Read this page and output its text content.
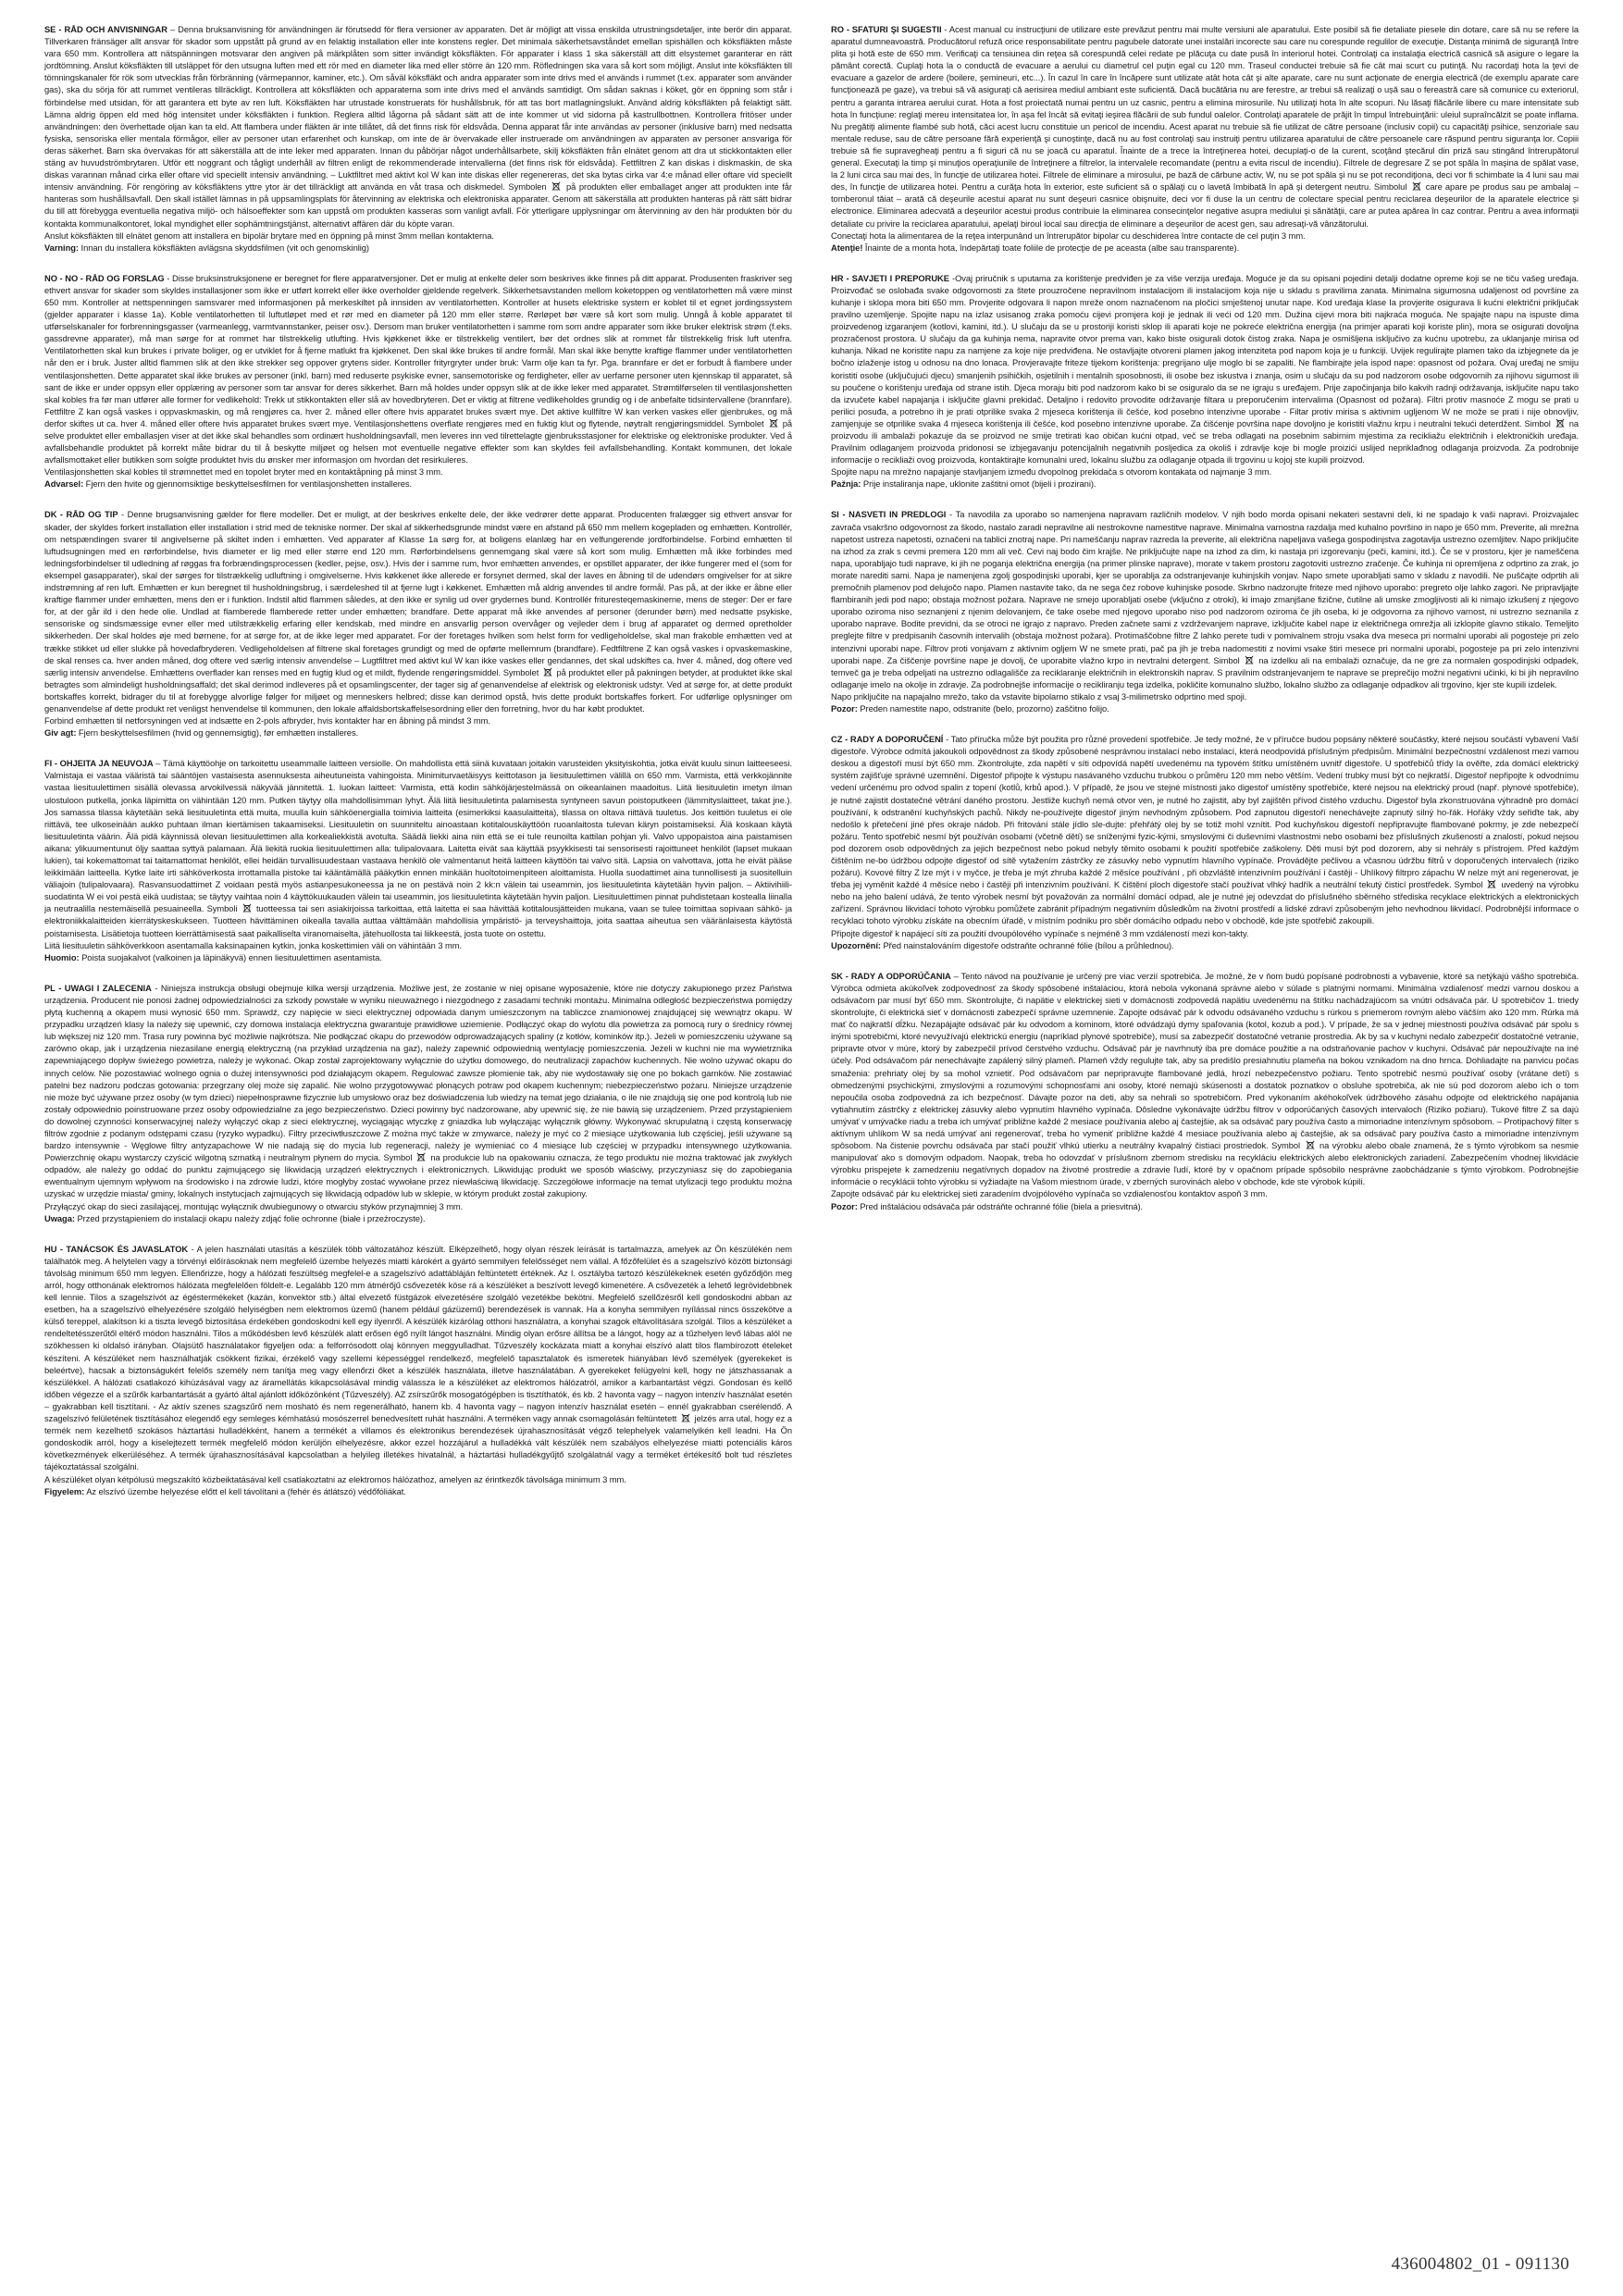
SE - RÅD OCH ANVISNINGAR – Denna bruksanvisning för användningen är förutsedd för flera versioner av apparaten. Det är möjligt att vissa enskilda utrustningsdetaljer, inte berör din apparat. Tillverkaren fränsäger allt ansvar för skador som uppstått på grund av en felaktig installation eller inte konstens regler. Det minimala säkerhetsavståndet emellan spishällen och köksfläkten måste vara 650 mm. Kontrollera att nätspänningen motsvarar den angiven på märkplåten som sitter invändigt köksfläkten. För apparater i klass 1 ska säkerställ att ditt elsystemet garanterar en rätt jordtömning. Anslut köksfläkten till utsläppet för den utsugna luften med ett rör med en diameter lika med eller större än 120 mm. Röfledningen ska vara så kort som möjligt. Anslut inte köksfläkten till tömningskanaler för rök som utvecklas från förbränning (värmepannor, kaminer, etc.). Om såväl köksfläkt och andra apparater som inte drivs med el används i rummet (t.ex. apparater som använder gas), ska du sörja för att rummet ventileras tillräckligt. Kontrollera att köksfläkten och apparaterna som inte drivs med el används samtidigt. Om sådan saknas i köket, gör en öppning som står i förbindelse med utsidan, för att garantera ett byte av ren luft. Köksfläkten har utrustade konstruerats för hushållsbruk, för att tas bort matlagningslukt. Använd aldrig köksfläkten på felaktigt sätt. Lämna aldrig öppen eld med hög intensitet under köksfläkten i funktion. Reglera alltid lågorna på sådant sätt att de inte kommer ut vid sidorna på kastrullbottnen. Kontrollera fritöser under användningen: den överhettade oljan kan ta eld. Att flambera under fläkten är inte tillåtet, då det finns risk för eldsvåda. Denna apparat får inte användas av personer (inklusive barn) med nedsatta fysiska, sensoriska eller mentala förmågor, eller av personer utan erfarenhet och kunskap, om inte de är övervakade eller instruerade om användningen av apparaten av personer ansvariga för deras säkerhet. Barn ska övervakas för att säkerställa att de inte leker med apparaten. Innan du påbörjar något underhållsarbete, skilj köksfläkten från elnätet genom att dra ut stickkontakten eller stäng av huvudströmbrytaren. Utför ett noggrant och tågligt underhåll av filtren enligt de rekommenderade intervallerna (det finns risk för eldsvåda). Fettfiltren Z kan diskas i diskmaskin, de ska diskas varannan månad cirka eller oftare vid speciellt intensiv användning. – Luktfiltret med aktivt kol W kan inte diskas eller regenereras, det ska bytas cirka var 4:e månad eller oftare vid speciellt intensiv användning. För rengöring av köksfläktens yttre ytor är det tillräckligt att använda en våt trasa och diskmedel. Symbolen
på produkten eller emballaget anger att produkten inte får hanteras som hushållsavfall. Den skall istället lämnas in på uppsamlingsplats för återvinning av elektriska och elektroniska apparater. Genom att säkerställa att produkten hanteras på rätt sätt bidrar du till att förebygga eventuella negativa miljö- och hälsoeffekter som kan uppstå om produkten kasseras som vanligt avfall. För ytterligare upplysningar om återvinning av den här produkten bör du kontakta kommunalkontoret, lokal myndighet eller sophämtningstjänst, alternativt affären där du köpte varan.

Anslut köksfläkten till elnätet genom att installera en bipolär brytare med en öppning på minst 3mm mellan kontakterna.

Varning: Innan du installera köksfläkten avlägsna skyddsfilmen (vit och genomskinlig)

NO - NO - RÅD OG FORSLAG - Disse bruksinstruksjonene er beregnet for flere apparatversjoner. Det er mulig at enkelte deler som beskrives ikke finnes på ditt apparat. Produsenten fraskriver seg ethvert ansvar for skader som skyldes installasjoner som ikke er utført korrekt eller ikke overholder gjeldende regelverk. Sikkerhetsavstanden mellom koketoppen og ventilatorhetten må være minst 650 mm. Kontroller at nettspenningen samsvarer med informasjonen på merkeskiltet på innsiden av ventilatorhetten. Kontroller at husets elektriske system er koblet til et egnet jordingssystem (gjelder apparater i klasse 1a). Koble ventilatorhetten til luftutløpet med et rør med en diameter på 120 mm eller større. Rørløpet bør være så kort som mulig. Unngå å koble apparatet til utførselskanaler for forbrenningsgasser (varmeanlegg, varmtvannstanker, peiser osv.). Dersom man bruker ventilatorhetten i samme rom som andre apparater som ikke bruker elektrisk strøm (f.eks. gassdrevne apparater), må man sørge for at rommet har tilstrekkelig utlufting. Hvis kjøkkenet ikke er tilstrekkelig ventilert, bør det ordnes slik at rommet får tilstrekkelig frisk luft utenfra. Ventilatorhetten skal kun brukes i private boliger, og er utviklet for å fjerne matlukt fra kjøkkenet. Den skal ikke brukes til andre formål. Man skal ikke benytte kraftige flammer under ventilatorhetten når den er i bruk. Juster alltid flammen slik at den ikke strekker seg oppover grytens sider. Kontroller frityrgryter under bruk: Varm olje kan ta fyr. Pga. brannfare er det er forbudt å flambere under ventilasjonshetten. Dette apparatet skal ikke brukes av personer (inkl. barn) med reduserte psykiske evner, sansemotoriske og ferdigheter, eller av uerfarne personer uten kjennskap til apparatet, så sant de ikke er under oppsyn eller opplæring av personer som tar ansvar for deres sikkerhet. Barn må holdes under oppsyn slik at de ikke leker med apparatet. Strømtilførselen til ventilasjonshetten skal kobles fra før man utfører alle former for vedlikehold: Trekk ut stikkontakten eller slå av hovedbryteren. Det er viktig at filtrene vedlikeholdes grundig og i de anbefalte tidsintervallene (brannfare). Fettfiltre Z kan også vaskes i oppvaskmaskin, og må rengjøres ca. hver 2. måned eller oftere hvis apparatet brukes svært mye. Det aktive kullfiltre W kan verken vaskes eller gjenbrukes, og må derfor skiftes ut ca. hver 4. måned eller oftere hvis apparatet brukes svært mye. Ventilasjonshettens overflate rengjøres med en fuktig klut og flytende, nøytralt rengjøringsmiddel. Symbolet
på selve produktet eller emballasjen viser at det ikke skal behandles som ordinært husholdningsavfall, men leveres inn ved tilrettelagte gjenbruksstasjoner for elektriske og elektroniske produkter. Ved å avfallsbehandle produktet på korrekt måte bidrar du til å beskytte miljøet og helsen mot eventuelle negative effekter som kan skyldes feil avfallsbehandling. Kontakt kommunen, det lokale avfallsmottaket eller butikken som solgte produktet hvis du ønsker mer informasjon om hvordan det resirkuleres.

Ventilasjonshetten skal kobles til strømnettet med en topolet bryter med en kontaktåpning på minst 3 mm.

Advarsel: Fjern den hvite og gjennomsiktige beskyttelsesfilmen for ventilasjonshetten installeres.

DK - RÅD OG TIP - Denne brugsanvisning gælder for flere modeller. Det er muligt, at der beskrives enkelte dele, der ikke vedrører dette apparat. Producenten fralægger sig ethvert ansvar for skader, der skyldes forkert installation eller installation i strid med de tekniske normer. Der skal af sikkerhedsgrunde mindst være en afstand på 650 mm mellem kogepladen og emhætten. Kontrollér, om netspændingen svarer til angivelserne på skiltet inden i emhætten. Ved apparater af Klasse 1a sørg for, at boligens elanlæg har en velfungerende jordforbindelse. Forbind emhætten til luftudsugningen med en rørforbindelse, hvis diameter er lig med eller større end 120 mm. Rørforbindelsens gennemgang skal være så kort som mulig. Emhætten må ikke forbindes med ledningsforbindelser til udledning af røggas fra forbrændingsprocessen (kedler, pejse, osv.). Hvis der i samme rum, hvor emhætten anvendes, er opstillet apparater, der ikke fungerer med el (som for eksempel gasapparater), skal der sørges for tilstrækkelig udluftning i omgivelserne. Hvis køkkenet ikke allerede er forsynet dermed, skal der laves en åbning til de udendørs omgivelser for at sikre indstrømning af ren luft. Emhætten er kun beregnet til husholdningsbrug, i særdeleshed til at fjerne lugt i køkkenet. Emhætten må aldrig anvendes til andre formål. Pas på, at der ikke er åbne eller kraftige flammer under emhætten, mens den er i funktion. Indstil altid flammen således, at den ikke er synlig ud over grydernes bund. Kontrollér frituresteqemaskinerne, mens de steger: Der er fare for, at der går ild i den hede olie. Undlad at flamberede flamberede retter under emhætten; brandfare. Dette apparat må ikke anvendes af personer (derunder børn) med nedsatte psykiske, sensoriske og sindsmæssige evner eller med utilstrækkelig erfaring eller kendskab, med mindre en ansvarlig person overvåger og vejleder dem i brug af apparatet og dermed opretholder sikkerheden. Der skal holdes øje med børnene, for at sørge for, at de ikke leger med apparatet. For der foretages hvilken som helst form for vedligeholdelse, skal man frakoble emhætten ved at trække stikket ud eller slukke på hovedafbryderen. Vedligeholdelsen af filtrene skal foretages grundigt og med de opførte mellemrum (brandfare). Fedtfiltrene Z kan også vaskes i opvaskemaskine, de skal renses ca. hver anden måned, dog oftere ved særlig intensiv anvendelse – Lugtfiltret med aktivt kul W kan ikke vaskes eller gendannes, det skal udskiftes ca. hver 4. måned, dog oftere ved særlig intensiv anvendelse. Emhættens overflader kan renses med en fugtig klud og et mildt, flydende rengøringsmiddel. Symbolet
på produktet eller på pakningen betyder, at produktet ikke skal betragtes som almindeligt husholdningsaffald; det skal derimod indleveres på et opsamlingscenter, der tager sig af genanvendelse af elektrisk og elektronisk udstyr. Ved at sørge for, at dette produkt bortskaffes korrekt, bidrager du til at forebygge alvorlige følger for miljøet og menneskers helbred; disse kan derimod opstå, hvis dette produkt bortskaffes forkert. For udførlige oplysninger om genanvendelse af dette produkt ret venligst henvendelse til kommunen, den lokale affaldsbortskaffelsesordning eller den forretning, hvor du har købt produktet.

Forbind emhætten til netforsyningen ved at indsætte en 2-pols afbryder, hvis kontakter har en åbning på mindst 3 mm.

Giv agt: Fjern beskyttelsesfilmen (hvid og gennemsigtig), før emhætten installeres.

FI - OHJEITA JA NEUVOJA – Tämä käyttöohje on tarkoitettu useammalle laitteen versiolle. On mahdollista että siinä kuvataan joitakin varusteiden yksityiskohtia, jotka eivät kuulu sinun laitteeseesi. Valmistaja ei vastaa vääristä tai sääntöjen vastaisesta asennuksesta aiheutuneista vahingoista. Minimiturvaetäisyys keittotason ja liesituulettimen välillä on 650 mm. Varmista, että verkkojännite vastaa liesituulettimen sisällä olevassa arvokilvessä näkyvää jännitettä. 1. luokan laitteet: Varmista, että kodin sähköjärjestelmässä on oikeanlainen maadoitus. Liitä liesituuletin imetyn ilman ulostuloon putkella, jonka läpimitta on vähintään 120 mm. Putken täytyy olla mahdollisimman lyhyt. Älä liitä liesituuletinta palamisesta syntyneen savun poistoputkeen (lämmityslaitteet, takat jne.). Jos samassa tilassa käytetään sekä liesituuletinta että muita, muulla kuin sähköenergialla toimivia laitteita (esimerkiksi kaasulaitteita), tilassa on oltava riittävä tuuletus. Jos keittiön tuuletus ei ole riittävä, tee ulkoseinään aukko puhtaan ilman kiertämisen takaamiseksi. Liesituuletin on suunniteltu ainoastaan kotitalouskäyttöön ruoanlaitosta tulevan käryn poistamiseksi. Älä koskaan käytä liesituuletinta väärin. Älä pidä käynnissä olevan liesituulettimen alla korkealiekkistä avotulta. Säädä liekki aina niin että se ei tule reunoilta kattilan pohjan yli. Valvo uppopaistoa aina paistamisen aikana: ylikuumentunut öljy saattaa syttyä palamaan. Älä liekitä ruokia liesituulettimen alla: tulipalovaara. Laitetta eivät saa käyttää psyykkisesti tai sensorisesti rajoittuneet henkilöt (lapset mukaan lukien), tai kokemattomat tai taitamattomat henkilöt, ellei heidän turvallisuudestaan vastaava henkilö ole valmentanut heitä laitteen käyttöön tai valvo sitä. Lapsia on valvottava, jotta he eivät pääse leikkimään laitteella. Kytke laite irti sähköverkosta irrottamalla pistoke tai kääntämällä pääkytkin ennen minkään huoltotoimenpiteen aloittamista. Huolla suodattimet aina tunnollisesti ja suositelluin väliajoin (tulipalovaara). Rasvansuodattimet Z voidaan pestä myös astianpesukoneessa ja ne on pestävä noin 2 kk:n välein tai useammin, jos liesituuletinta käytetään hyvin paljon. – Aktiivihiili-suodatinta W ei voi pestä eikä uudistaa; se täytyy vaihtaa noin 4 käyttökuukauden välein tai useammin, jos liesituuletinta käytetään hyvin paljon. Liesituulettimen pinnat puhdistetaan kostealla liinalla ja neutraalilla nestemäisellä pesuaineella. Symboli
tuotteessa tai sen asiakirjoissa tarkoittaa, että laitetta ei saa hävittää kotitalousjätteiden mukana, vaan se tulee toimittaa sopivaan sähkö- ja elektroniikkalaitteiden kierrätyskeskukseen. Tuotteen hävittäminen oikealla tavalla auttaa välttämään mahdollisia ympäristö- ja terveyshaittoja, joita saattaa aiheutua sen vääränlaisesta käytöstä poistamisesta. Lisätietoja tuotteen kierrättämisestä saat paikalliselta viranomaiselta, jätehuollosta tai liikkeestä, josta tuote on ostettu.

Liitä liesituuletin sähköverkkoon asentamalla kaksinapainen kytkin, jonka koskettimien väli on vähintään 3 mm.

Huomio: Poista suojakalvot (valkoinen ja läpinäkyvä) ennen liesituulettimen asentamista.

PL - UWAGI I ZALECENIA - Niniejsza instrukcja obsługi obejmuje kilka wersji urządzenia. Możliwe jest, że zostanie w niej opisane wyposażenie, które nie dotyczy zakupionego przez Państwa urządzenia. Producent nie ponosi żadnej odpowiedzialności za szkody powstałe w wyniku nieuważnego i niezgodnego z zasadami techniki montażu. Minimalna odległość bezpieczeństwa pomiędzy płytą kuchenną a okapem musi wynosić 650 mm. Sprawdź, czy napięcie w sieci elektrycznej odpowiada danym umieszczonym na tabliczce znamionowej znajdującej się wewnątrz okapu. W przypadku urządzeń klasy Ia należy się upewnić, czy domowa instalacja elektryczna gwarantuje prawidłowe uziemienie. Podłączyć okap do wylotu dla powietrza za pomocą rury o średnicy równej lub większej niż 120 mm. Trasa rury powinna być możliwie najkrótsza. Nie podłączać okapu do przewodów odprowadzających spaliny (z kotłów, kominków itp.). Jeżeli w pomieszczeniu używane są zarówno okap, jak i urządzenia niezasilane energią elektryczną (na przykład urządzenia na gaz), należy zapewnić odpowiednią wentylację pomieszczenia. Jeżeli w kuchni nie ma wywietrznika zapewniającego dopływ świeżego powietrza, należy je wykonać. Okap został zaprojektowany wyłącznie do użytku domowego, do neutralizacji zapachów kuchennych. Nie wolno używać okapu do innych celów. Nie pozostawiać wolnego ognia o dużej intensywności pod działającym okapem. Regulować zawsze płomienie tak, aby nie wydostawały się one po bokach garnków. Nie zostawiać patelni bez nadzoru podczas gotowania: przegrzany olej może się zapalić. Nie wolno przygotowywać płonących potraw pod okapem kuchennym; niebezpieczeństwo pożaru. Niniejsze urządzenie nie może być używane przez osoby (w tym dzieci) niepełnosprawne fizycznie lub umysłowo oraz bez doświadczenia lub wiedzy na temat jego działania, o ile nie znajdują się one pod kontrolą lub nie zostały odpowiednio poinstruowane przez osoby odpowiedzialne za jego bezpieczeństwo. Dzieci powinny być nadzorowane, aby upewnić się, że nie bawią się urządzeniem. Przed przystąpieniem do dowolnej czynności konserwacyjnej należy wyłączyć okap z sieci elektrycznej, wyciągając wtyczkę z gniazdka lub wyłączając wyłącznik główny. Wykonywać skrupulatną i częstą konserwację filtrów zgodnie z podanym odstępami czasu (ryzyko wypadku). Filtry przeciwtłuszczowe Z można myć także w zmywarce, należy je myć co 2 miesiące użytkowania lub częściej, jeśli używane są bardzo intensywnie - Węglowe filtry antyzapachowe W nie nadają się do mycia lub regeneracji, należy je wymieniać co 4 miesiące lub częściej w przypadku intensywnego użytkowania. Powierzchnię okapu wystarczy czyścić wilgotną szmatką i neutralnym płynem do mycia. Symbol
na produkcie lub na opakowaniu oznacza, że tego produktu nie można traktować jak zwykłych odpadów, ale należy go oddać do punktu zajmującego się likwidacją urządzeń elektrycznych i elektronicznych. Likwidując produkt we sposób właściwy, przyczyniasz się do zapobiegania ewentualnym ujemnym wpływom na środowisko i na zdrowie ludzi, które mogłyby zostać wywołane przez niewłaściwą likwidację. Szczegółowe informacje na temat utylizacji tego produktu można uzyskać w urzędzie miasta/ gminy, lokalnych instytucjach zajmujących się likwidacją odpadów lub w sklepie, w którym produkt został zakupiony.

Przyłączyć okap do sieci zasilającej, montując wyłącznik dwubiegunowy o otwarciu styków przynajmniej 3 mm.

Uwaga: Przed przystąpieniem do instalacji okapu należy zdjąć folie ochronne (białe i przeźroczyste).

HU - TANÁCSOK ÉS JAVASLATOK - A jelen használati utasítás a készülék több változatához készült. Elképzelhető, hogy olyan részek leírását is tartalmazza, amelyek az Ön készülékén nem találhatók meg. A helytelen vagy a törvényi előírásoknak nem megfelelő üzembe helyezés miatti károkért a gyártó semmilyen felelősséget nem vállal. A főzőfelület és a szagelszívó között biztonsági távolság minimum 650 mm legyen. Ellenőrizze, hogy a hálózati feszültség megfelel-e a szagelszívó adattábláján feltüntetett értéknek. Az I. osztályba tartozó készülékeknek esetén győződjön meg arról, hogy otthonának elektromos hálózata megfelelően földelt-e. Legalább 120 mm átmérőjű csővezeték köse rá a készüléket a beszívott levegő kimenetére. A csővezeték a lehető legrövidebbnek kell lennie. Tilos a szagelszívót az égéstermékeket (kazán, konvektor stb.) által elvezető füstgázok elvezetésére szolgáló vezetékbe bekötni. Megfelelő szellőzésről kell gondoskodni abban az esetben, ha a szagelszívó elhelyezésére szolgáló helyiségben nem elektromos üzemű (hanem például gázüzemű) berendezések is vannak. Ha a konyha semmilyen nyílással nincs összekötve a külső tereppel, alakítson ki a tiszta levegő biztosítása érdekében gondoskodni kell egy ilyenről. A készülék kizárólag otthoni használatra, a konyhai szagok eltávolítására szolgál. Tilos a készüléket a rendeltetésszerűtől eltérő módon használni. Tilos a működésben levő készülék alatt erősen égő nyílt lángot használni. Mindig olyan erősre állítsa be a lángot, hogy az a tűzhelyen levő lábas alól ne szökhessen ki oldalsó irányban. Olajsütő használatakor figyeljen oda: a felforrósodott olaj könnyen meggyulladhat. Tűzveszély kockázata miatt a konyhai elszívó alatt tilos flambírozott ételeket készíteni. A készüléket nem használhatják csökkent fizikai, érzékelő vagy szellemi képességgel rendelkező, megfelelő tapasztalatok és ismeretek hiányában lévő személyek (gyerekeket is beleértve), hacsak a biztonságukért felelős személy nem tanítja meg vagy ellenőrzi őket a készülék használata, illetve használatában. A gyerekeket felügyelni kell, hogy ne játszhassanak a készülékkel. A hálózati csatlakozó kihúzásával vagy az áramellátás kikapcsolásával mindig válassza le a készüléket az elektromos hálózatról, amikor a karbantartást végzi. Gondosan és kellő időben végezze el a szűrők karbantartását a gyártó által ajánlott időközönként (Tűzveszély). AZ zsírszűrők mosogatógépben is tisztíthatók, és kb. 2 havonta vagy – nagyon intenzív használat esetén – gyakrabban kell tisztítani. - Az aktív szenes szagszűrő nem mosható és nem regenerálható, hanem kb. 4 havonta vagy – nagyon intenzív használat esetén – ennél gyakrabban cserélendő. A szagelszívó felületének tisztításához elegendő egy semleges kémhatású mosószerrel benedvesített ruhát használni. A terméken vagy annak csomagolásán feltüntetett
jelzés arra utal, hogy ez a termék nem kezelhető szokásos háztartási hulladékként, hanem a termékét a villamos és elektronikus berendezések újrahasznosítását végző telephelyek valamelyikén kell leadni. Ha Ön gondoskodik arról, hogy a kiselejtezett termék megfelelő módon kerüljön elhelyezésre, akkor ezzel hozzájárul a hulladékká vált készülék nem szabályos elhelyezése miatti potenciális káros következmények elkerüléséhez. A termék újrahasznosításával kapcsolatban a helyileg illetékes hivatalnál, a háztartási hulladékgyűjtő szolgálatnál vagy a terméket értékesítő bolt tud részletes tájékoztatással szolgálni.

A készüléket olyan kétpólusú megszakító közbeiktatásával kell csatlakoztatni az elektromos hálózathoz, amelyen az érintkezők távolsága minimum 3 mm.

Figyelem: Az elszívó üzembe helyezése előtt el kell távolítani a (fehér és átlátszó) védőfóliákat.

RO - SFATURI ŞI SUGESTII - Acest manual cu instrucţiuni de utilizare este prevăzut pentru mai multe versiuni ale aparatului. Este posibil să fie detaliate piesele din dotare, care să nu se refere la aparatul dumneavoastră. Producătorul refuză orice responsabilitate pentru pagubele datorate unei instalări incorecte sau care nu corespunde regulilor de execuţie. Distanţa minimă de siguranţă între plita şi hotă este de 650 mm. Verificaţi ca tensiunea din reţea să corespundă celei redate pe plăcuţa cu date pusă în interiorul hotei. Controlaţi ca instalaţia electrică casnică să asigure o legare la pământ corectă. Cuplaţi hota la o conductă de evacuare a aerului cu diametrul cel puţin egal cu 120 mm. Traseul conductei trebuie să fie cât mai scurt cu putinţă. Nu racordaţi hota la ţevi de evacuare a gazelor de ardere (boilere, şemineuri, etc...). În cazul în care în încăpere sunt utilizate atât hota cât şi alte aparate, care nu sunt acţionate de energia electrică (de exemplu aparate care funcţionează pe gaze), va trebui să vă asiguraţi că aerisirea mediul ambiant este suficientă. Dacă bucătăria nu are ferestre, ar trebui să realizaţi o ușă sau o fereastră care să comunice cu exteriorul, pentru a garanta intrarea aerului curat. Hota a fost proiectată numai pentru un uz casnic, pentru a elimina mirosurile. Nu utilizaţi hota în alte scopuri. Nu lăsaţi flăcările libere cu mare intensitate sub hota în funcţiune: reglaţi mereu intensitatea lor, în aşa fel încât să evitaţi ieşirea flăcării de sub fundul oalelor. Controlaţi aparatele de prăjit în timpul întrebuinţării: uleiul supraîncălzit se poate inflama. Nu pregătiţi alimente flambé sub hotă, căci acest lucru constituie un pericol de incendiu. Acest aparat nu trebuie să fie utilizat de către persoane (inclusiv copii) cu capacităţi psihice, senzoriale sau mentale reduse, sau de către persoane fără experienţă şi cunoştinţe, dacă nu au fost controlaţi sau instruiţi pentru utilizarea aparatului de către persoanele care răspund pentru siguranţa lor. Copiii trebuie să fie supravegheaţi pentru a fi siguri că nu se joacă cu aparatul. Înainte de a trece la întreţinerea hotei, decuplaţi-o de la curent, scoţând ştecărul din priză sau stingând întrerupătorul general. Executaţi la timp şi minuţios operaţiunile de întreţinere a filtrelor, la intervalele recomandate (pentru a evita riscul de incendiu). Filtrele de degresare Z se pot spăla în maşina de spălat vase, la 2 luni circa sau mai des, în funcţie de utilizarea hotei. Filtrele de eliminare a mirosului, pe bază de cărbune activ, W, nu se pot spăla şi nu se pot recondiţiona, deci vor fi schimbate la 4 luni sau mai des, în funcţie de utilizarea hotei. Pentru a curăţa hota în exterior, este suficient să o spălaţi cu o lavetă îmbibată în apă şi detergent neutru. Simbolul
care apare pe produs sau pe ambalaj – tomberonul tăiat – arată că deşeurile acestui aparat nu sunt deşeuri casnice obişnuite, deci vor fi duse la un centru de colectare special pentru reciclarea deşeurilor de la aparatele electrice şi electronice. Eliminarea adecvată a deşeurilor acestui produs contribuie la eliminarea consecinţelor negative asupra mediului şi sănătăţii, care ar putea apărea în caz contrar. Pentru a avea informaţii detaliate cu privire la reciclarea aparatului, apelaţi biroul local sau direcţia de eliminare a deşeurilor de acest gen, sau adresaţi-vă vânzătorului.

Conectaţi hota la alimentarea de la reţea interpunând un întrerupător bipolar cu deschiderea între contacte de cel puţin 3 mm.

Atenţie! Înainte de a monta hota, îndepărtaţi toate foliile de protecţie de pe aceasta (albe sau transparente).

HR - SAVJETI I PREPORUKE -Ovaj priručnik s uputama za korištenje predviđen je za više verzija uređaja. Moguće je da su opisani pojedini detalji dodatne opreme koji se ne tiču vašeg uređaja. Proizvođač se oslobađa svake odgovornosti za štete prouzročene nepravilnom instalacijom ili instalacijom koja nije u skladu s pravilima zanata. Minimalna sigurnosna udaljenost od površine za kuhanje i sklopa mora biti 650 mm. Provjerite odgovara li napon mreže onom naznačenom na pločici smještenoj unutar nape. Kod uređaja klase Ia provjerite osigurava li kućni električni priključak pravilno uzemljenje. Spojite napu na izlaz usisanog zraka pomoću cijevi promjera koji je jednak ili veći od 120 mm. Dužina cijevi mora biti najkraća moguća. Ne spajajte napu na ispuste dima proizvedenog izgaranjem (kotlovi, kamini, itd.). U slučaju da se u prostoriji koristi sklop ili aparati koje ne pokreće električna energija (na primjer aparati koji koriste plin), mora se osigurati dovoljna prozračenost prostora. U slučaju da ga kuhinja nema, napravite otvor prema van, kako biste osigurali dotok čistog zraka. Napa je osmišljena isključivo za kućnu upotrebu, za uklanjanje mirisa od kuhanja. Nikad ne koristite napu za namjene za koje nije predviđena. Ne ostavljajte otvoreni plamen jakog intenziteta pod napom koja je u funkciji. Uvijek regulirajte plamen tako da izbjegnete da je bočno izlaženje istog u odnosu na dno lonaca. Provjeravajte friteze tijekom korištenja: pregrijano ulje moglo bi se zapaliti. Ne flambirajte jela ispod nape: opasnost od požara. Ovaj uređaj ne smiju koristiti osobe (uključujući djecu) smanjenih psihičkih, osjetilnih i mentalnih sposobnosti, ili osobe bez iskustva i znanja, osim u slučaju da su pod nadzorom osobe odgovornih za njihovu sigurnost ili su poučene o korištenju uređaja od strane istih. Djeca moraju biti pod nadzorom kako bi se osiguralo da se ne igraju s uređajem. Prije započinjanja bilo kakvih radnji održavanja, isključite napu tako da izvučete kabel napajanja i isključite glavni prekidač. Detaljno i redovito provodite održavanje filtara u preporučenim intervalima (Opasnost od požara). Filtri protiv masnoće Z mogu se prati u perilici posuđa, a potrebno ih je prati otprilike svaka 2 mjeseca korištenja ili češće, kod posebno intenzivne uporabe - Filtar protiv mirisa s aktivnim ugljenom W ne može se prati i nije obnovljiv, zamjenjuje se otprilike svaka 4 mjeseca korištenja ili češće, kod posebno intenzivne uporabe. Za čišćenje površina nape dovoljno je koristiti vlažnu krpu i neutralni tekući deterdžent. Simbol
na proizvodu ili ambalaži pokazuje da se proizvod ne smije tretirati kao običan kućni otpad, več se treba odlagati na posebnim sabirnim mjestima za recikliažu električnih i elektroničkih uređaja. Pravilnim odlaganjem proizvoda pridonosi se izbjegavanju potencijalnih negativnih posljedica za okoliš i zdravlje koje bi mogle proizići uslijed nepriklađnog odlaganja proizvoda. Za podrobnije informacije o recikliaži ovog proizvoda, kontaktirajte komunalni ured, lokalnu službu za odlaganje otpada ili trgovinu u kojoj ste kupili proizvod.

Spojite napu na mrežno napajanje stavljanjem između dvopolnog prekidača s otvorom kontakata od najmanje 3 mm.

Pažnja: Prije instaliranja nape, uklonite zaštitni omot (bijeli i prozirani).

SI - NASVETI IN PREDLOGI - Ta navodila za uporabo so namenjena napravam različnih modelov. V njih bodo morda opisani nekateri sestavni deli, ki ne spadajo k vaši napravi. Proizvajalec zavrača vsakršno odgovornost za škodo, nastalo zaradi nepravilne ali nestrokovne namestitve naprave. Minimalna varnostna razdalja med kuhalno površino in napo je 650 mm. Preverite, ali mrežna napetost ustreza napetosti, označeni na tablici znotraj nape. Pri nameščanju naprav razreda Ia preverite, ali električna napeljava vašega gospodinjstva zagotavlja ustrezno ozemljitev. Napo priključite na izhod za zrak s cevmi premera 120 mm ali več. Cevi naj bodo čim krajše. Ne priključujte nape na izhod za dim, ki nastaja pri izgorevanju (peči, kamini, itd.). Če se v prostoru, kjer je nameščena napa, uporabljajo tudi naprave, ki jih ne poganja električna energija (na primer plinske naprave), morate v takem prostoru zagotoviti ustrezno zračenje. Če kuhinja ni opremljena z odprtino za zrak, jo morate narediti sami. Napa je namenjena zgolj gospodinjski uporabi, kjer se uporablja za odstranjevanje kuhinjskih vonjav. Napo smete uporabljati samo v skladu z navodili. Ne puščajte odprtih ali premočnih plamenov pod delujočo napo. Plamen nastavite tako, da ne sega čez robove kuhinjske posode. Skrbno nadzorujte friteze med njihovo uporabo: pregreto olje lahko zagori. Ne pripravljajte flambiranih jedi pod napo; obstaja možnost požara. Naprave ne smejo uporabljati osebe (vključno z otroki), ki imajo zmanjšane fizične, čutilne ali umske zmogljivosti ali ki nimajo izkušenj z njegovo uporabo oziroma niso seznanjeni z njenim delovanjem, če take osebe med njegovo uporabo niso pod nadzorom oziroma če jih oseba, ki je odgovorna za njihovo varnost, ni ustrezno seznanila z uporabo naprave. Bodite previdni, da se otroci ne igrajo z napravo. Preden začnete sami z vzdrževanjem naprave, izključite kabel nape iz električnega omrežja ali izklopite glavno stikalo. Temeljito preglejte filtre v predpisanih časovnih intervalih (obstaja možnost požara). Protimaščobne filtre Z lahko perete tudi v pomivalnem stroju vsaka dva meseca pri normalni uporabi ali pogosteje pri zelo intenzivni uporabi nape. Filtrov proti vonjavam z aktivnim ogljem W ne smete prati, pač pa jih je treba nadomestiti z novimi vsake štiri mesece pri normalni uporabi, pogosteje pa pri zelo intenzivni uporabi nape. Za čiščenje površine nape je dovolj, če uporabite vlažno krpo in nevtralni detergent. Simbol
na izdelku ali na embalaži označuje, da ne gre za normalen gospodinjski odpadek, temveč ga je treba odpeljati na ustrezno odlagališče za reciklaranje električnih in elektronskih naprav. S pravilnim odstranjevanjem te naprave se preprečijo možni negativni učinki, ki bi jih nepravilno odlaganje imelo na okolje in zdravje. Za podrobnejše informacije o recikliranju tega izdelka, pokličite komunalno službo, lokalno službo za odlaganje odpadkov ali trgovino, kjer ste kupili izdelek.

Napo priključite na napajalno mrežo, tako da vstavite bipolarno stikalo z vsaj 3-milimetrsko odprtino med spoji.

Pozor: Preden namestite napo, odstranite (belo, prozorno) zaščitno folijo.

CZ - RADY A DOPORUČENÍ - Tato příručka může být použita pro různé provedení spotřebiče. Je tedy možné, že v příručce budou popsány některé součástky, které nejsou součástí vybavení Vaší digestoře. Výrobce odmítá jakoukoli odpovědnost za škody způsobené nesprávnou instalací nebo instalací, která neodpovídá příslušným předpisům. Minimální bezpečnostní vzdálenost mezi varnou deskou a digestoří musí být 650 mm. Zkontrolujte, zda napětí v síti odpovídá napětí uvedenému na typovém štítku umístěném uvnitř digestoře. U spotřebičů třídy Ia ověřte, zda domácí elektrický systém zajišťuje správné uzemnění. Digestoř připojte k výstupu nasávaného vzduchu trubkou o průměru 120 mm nebo větším. Vedení trubky musí být co nejkratší. Digestoř nepřipojte k odvodnímu vedení určenému pro odvod spalin z topení (kotlů, krbů apod.). V případě, že jsou ve stejné místnosti jako digestoř umístěny spotřebiče, které nejsou na elektrický proud (např. plynové spotřebiče), je nutné zajistit dostatečné větrání daného prostoru. Jestliže kuchyň nemá otvor ven, je nutné ho zajistit, aby byl zajištěn přívod čistého vzduchu. Digestoř byla zkonstruována výhradně pro domácí používání, k odstranění kuchyňských pachů. Nikdy ne-používejte digestoř jiným nevhodným způsobem. Pod zapnutou digestoří nenechávejte zapnutý silný ho-řák. Hořáky vždy seřiďte tak, aby nedošlo k přetečení jiné přes okraje nádob. Při fritování stále jídlo sle-dujte: přehřátý olej by se totiž mohl vznítit. Pod kuchyňskou digestoří nepřipravujte flambované pokrmy, je zde nebezpečí požáru. Tento spotřebič nesmí být používán osobami (včetně dětí) se sníženými fyzic-kými, smyslovými či duševními vlastnostmi nebo osobami bez příslušných zkušeností a znalostí, pokud nejsou pod dozorem osob odpovědných za jejich bezpečnost nebo pokud nebyly těmito osobami k použití spotřebiče zaškoleny. Děti musí být pod dozorem, aby si nehrály s přístrojem. Před každým čištěním ne-bo údržbou odpojte digestoř od sítě vytažením zástrčky ze zásuvky nebo vypnutím hlavního vypínače. Provádějte pečlivou a včasnou údržbu filtrů v doporučených intervalech (riziko požáru). Kovové filtry Z lze mýt i v myčce, je třeba je mýt zhruba každé 2 měsíce používání , při obzvláště intenzivním používání i častěji - Uhlíkový filtrpro zápachu W nelze mýt ani regenerovat, je třeba jej vyměnit každé 4 měsíce nebo i častěji při intenzivním používání. K čištění ploch digestoře stačí používat vlhký hadřík a neutrální tekutý čisticí prostředek. Symbol
uvedený na výrobku nebo na jeho balení udává, že tento výrobek nesmí být považován za normální domácí odpad, ale je nutné jej odevzdat do příslušného sběrného střediska recyklace elektrických a elektronických zařízení. Správnou likvidací tohoto výrobku pomůžete zabránit případným negativním důsledkům na životní prostředí a lidské zdraví způsobeným jeho nevhodnou likvidací. Podrobnější informace o recyklaci tohoto výrobku získáte na obecním úřadě, v místním podniku pro sběr domácího odpadu nebo v obchodě, kde jste spotřebič zakoupili.

Připojte digestoř k napájecí síti za použití dvoupólového vypínače s nejméně 3 mm vzdáleností mezi kon-takty.

Upozornění: Před nainstalováním digestoře odstraňte ochranné fólie (bílou a průhlednou).

SK - RADY A ODPORÚČANIA – Tento návod na používanie je určený pre viac verzií spotrebiča. Je možné, že v ňom budú popísané podrobnosti a vybavenie, ktoré sa netýkajú vášho spotrebiča. Výrobca odmieta akúkoľvek zodpovednosť za škody spôsobené inštaláciou, ktorá nebola vykonaná správne alebo v súlade s platnými normami. Minimálna vzdialenosť medzi varnou doskou a odsávačom par musí byť 650 mm. Skontrolujte, či napätie v elektrickej sieti v domácnosti zodpovedá napätiu uvedenému na štítku nachádzajúcom sa vnútri odsávača pár. U spotrebičov 1. triedy skontrolujte, či elektrická sieť v domácnosti zabezpečí správne uzemnenie. Zapojte odsávač pár k odvodu odsávaného vzduchu s rúrkou s priemerom rovným alebo väčším ako 120 mm. Rúrka má mať čo najkratší dĺžku. Nezapájajte odsávač pár ku odvodom a kominom, ktoré odvádzajú dymy spaľovania (kotol, kozub a pod.). V prípade, že sa v jednej miestnosti používa odsávač pár spolu s inými spotrebičmi, ktoré nevyužívajú elektrickú energiu (napríklad plynové spotrebiče), musí sa zabezpečiť dostatočné vetranie prostredia. Ak by sa v kuchyni nedalo zabezpečiť dostatočné vetranie, pripravte otvor v múre, ktorý by zabezpečil prívod čerstvého vzduchu. Odsávač pár je navrhnutý iba pre domáce použitie a na odstraňovanie pachov v kuchyni. Odsávač pár nepoužívajte na iné účely. Pod odsávačom pár nenechávajte zapálený silný plameň. Plameň vždy regulujte tak, aby sa predišlo presiahnutiu plameňa na bokou vznikadom na dno hrnca. Dohliadajte na panvicu počas smaženia: prehriaty olej by sa mohol vznietiť. Pod odsávačom par nepripravujte flambované jedlá, hrozí nebezpečenstvo požiaru. Tento spotrebič nesmú používať osoby (vrátane detí) s obmedzenými psychickými, zmyslovými a rozumovými schopnosťami ani osoby, ktoré nemajú skúsenosti a dostatok poznatkov o obsluhe spotrebiča, ak nie sú pod dozorom alebo ich o tom nepoučila osoba zodpovedná za ich bezpečnosť. Dávajte pozor na deti, aby sa nehrali so spotrebičom. Pred vykonaním akéhokoľvek údržbového zásahu odpojte od elektrického napájania vytiahnutím zástrčky z elektrickej zásuvky alebo vypnutím hlavného vypínača. Dôsledne vykonávajte údržbu filtrov v odporúčaných časových intervaloch (Riziko požiaru). Tukové filtre Z sa dajú umývať v umývačke riadu a treba ich umývať približne každé 2 mesiace používania alebo aj častejšie, ak sa odsávač pary používa často a mimoriadne intenzívnym spôsobom. – Protipachový filter s aktívnym uhlíkom W sa nedá umývať ani regenerovať, treba ho vymeniť približne každé 4 mesiace používania alebo aj častejšie, ak sa odsávač pary používa často a mimoriadne intenzívnym spôsobom. Na čistenie povrchu odsávača par stačí použiť vlhkú utierku a neutrálny kvapalný čistiaci prostriedok. Symbol
na výrobku alebo obale znamená, že s týmto výrobkom sa nesmie manipulovať ako s domovým odpadom. Naopak, treba ho odovzdať v príslušnom zbernom stredisku na recykláciu elektrických alebo elektronických zariadení. Zabezpečením vhodnej likvidácie výrobku prispejete k zamedzeniu negatívnych dopadov na životné prostredie a zdravie ľudí, ktoré by v opačnom prípade spôsobilo nesprávne zaobchádzanie s týmto výrobkom. Podrobnejšie informácie o recyklácii tohto výrobku si vyžiadajte na Vašom miestnom úrade, v zberných surovinách alebo v obchode, kde ste výrobok kúpili.

Zapojte odsávač pár ku elektrickej sieti zaradením dvojpólového vypínača so vzdialenosťou kontaktov aspoň 3 mm.

Pozor: Pred inštaláciou odsávača pár odstráňte ochranné fólie (biela a priesvitná).

436004802_01 - 091130
